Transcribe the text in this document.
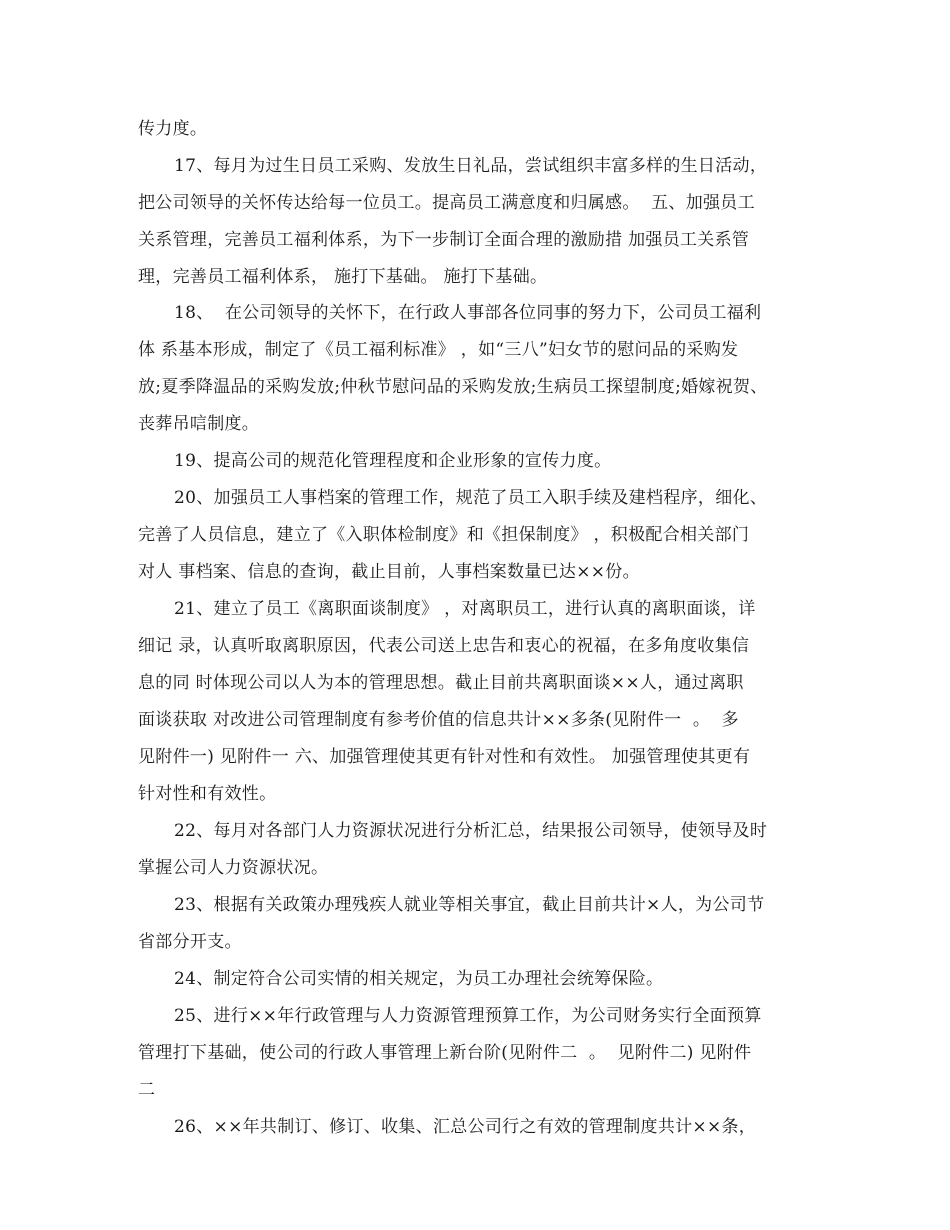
传力度。
17、每月为过生日员工采购、发放生日礼品，尝试组织丰富多样的生日活动，
把公司领导的关怀传达给每一位员工。提高员工满意度和归属感。  五、加强员工
关系管理，完善员工福利体系，为下一步制订全面合理的激励措 加强员工关系管
理，完善员工福利体系， 施打下基础。 施打下基础。
18、  在公司领导的关怀下，在行政人事部各位同事的努力下，公司员工福利
体 系基本形成，制定了《员工福利标准》 ，如“三八”妇女节的慰问品的采购发
放;夏季降温品的采购发放;仲秋节慰问品的采购发放;生病员工探望制度;婚嫁祝贺、
丧葬吊唁制度。
19、提高公司的规范化管理程度和企业形象的宣传力度。
20、加强员工人事档案的管理工作，规范了员工入职手续及建档程序，细化、
完善了人员信息，建立了《入职体检制度》和《担保制度》 ，积极配合相关部门
对人 事档案、信息的查询，截止目前，人事档案数量已达××份。
21、建立了员工《离职面谈制度》 ，对离职员工，进行认真的离职面谈，详
细记 录，认真听取离职原因，代表公司送上忠告和衷心的祝福，在多角度收集信
息的同 时体现公司以人为本的管理思想。截止目前共离职面谈××人，通过离职
面谈获取 对改进公司管理制度有参考价值的信息共计××多条(见附件一  。  多
见附件一) 见附件一 六、加强管理使其更有针对性和有效性。 加强管理使其更有
针对性和有效性。
22、每月对各部门人力资源状况进行分析汇总，结果报公司领导，使领导及时
掌握公司人力资源状况。
23、根据有关政策办理残疾人就业等相关事宜，截止目前共计×人，为公司节
省部分开支。
24、制定符合公司实情的相关规定，为员工办理社会统筹保险。
25、进行××年行政管理与人力资源管理预算工作，为公司财务实行全面预算
管理打下基础，使公司的行政人事管理上新台阶(见附件二  。  见附件二) 见附件
二
26、××年共制订、修订、收集、汇总公司行之有效的管理制度共计××条，
